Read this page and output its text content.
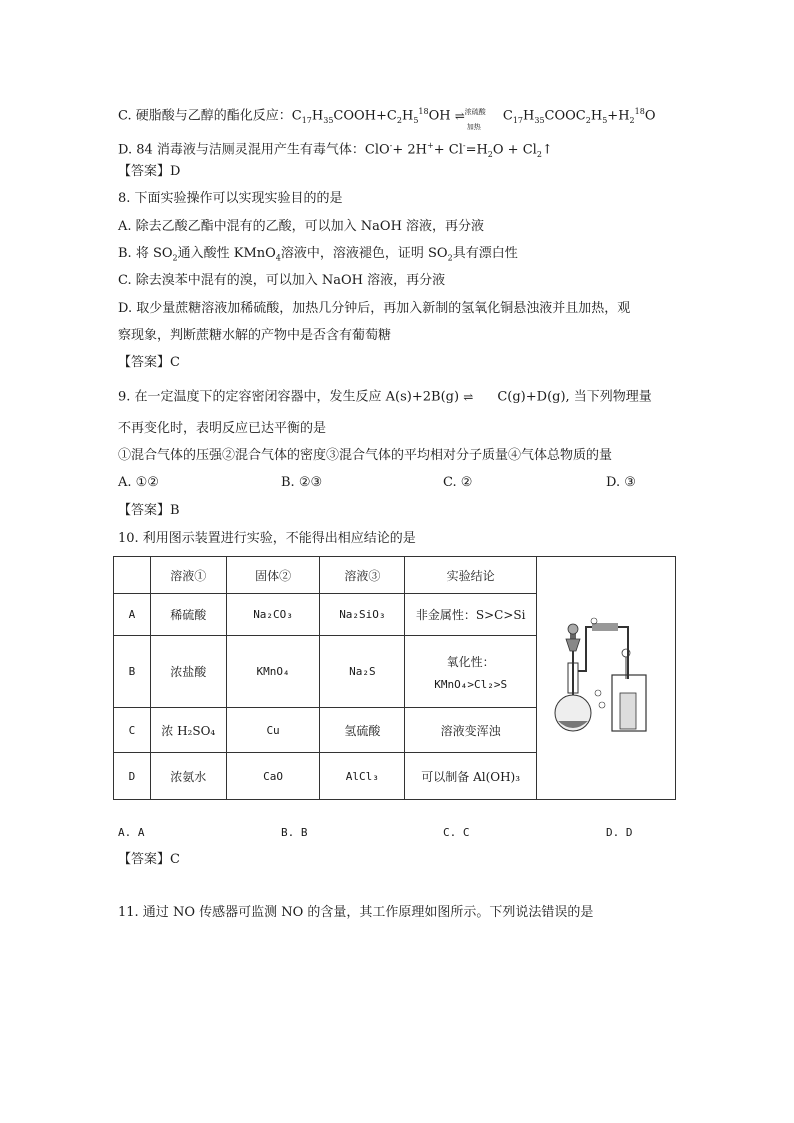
C. 硬脂酸与乙醇的酯化反应：$C_{17}H_{35}COOH+C_2H_5^{18}OH$ ⇌ 浓硫酸
加热
$C_{17}H_{35}COOC_2H_5+H_2^{18}O$
D. 84 消毒液与洁厕灵混用产生有毒气体：$ClO^-+ 2H^++ Cl^-=H_2O$ + $Cl_2↑$
【答案】D
8. 下面实验操作可以实现实验目的的是
A. 除去乙酸乙酯中混有的乙酸，可以加入 NaOH 溶液，再分液
B. 将 $SO_2$通入酸性 KMnO$_4$溶液中，溶液褪色，证明 $SO_2$具有漂白性
C. 除去溴苯中混有的溴，可以加入 NaOH 溶液，再分液
D. 取少量蔗糖溶液加稀硫酸，加热几分钟后，再加入新制的氢氧化铜悬浊液并且加热，观
察现象，判断蔗糖水解的产物中是否含有葡萄糖
【答案】C
9. 在一定温度下的定容密闭容器中，发生反应 A(s)+2B(g) ⇌ C(g)+D(g), 当下列物理量
不再变化时，表明反应已达平衡的是
①混合气体的压强②混合气体的密度③混合气体的平均相对分子质量④气体总物质的量
A. ①②	B. ②③	C. ②	D. ③
【答案】B
10. 利用图示装置进行实验，不能得出相应结论的是
	溶液①	固体②	溶液③	实验结论	

A	稀硫酸	Na₂CO₃	Na₂SiO₃	非金属性：S>C>Si	
B	浓盐酸	KMnO₄	Na₂S	氧化性：
KMnO₄>Cl₂>S	

C	浓 H₂SO₄	Cu	氢硫酸	溶液变浑浊	
D	浓氨水	CaO	AlCl₃	可以制备 Al(OH)₃	
A. A	B. B	C. C	D. D
【答案】C
11. 通过 NO 传感器可监测 NO 的含量，其工作原理如图所示。下列说法错误的是
